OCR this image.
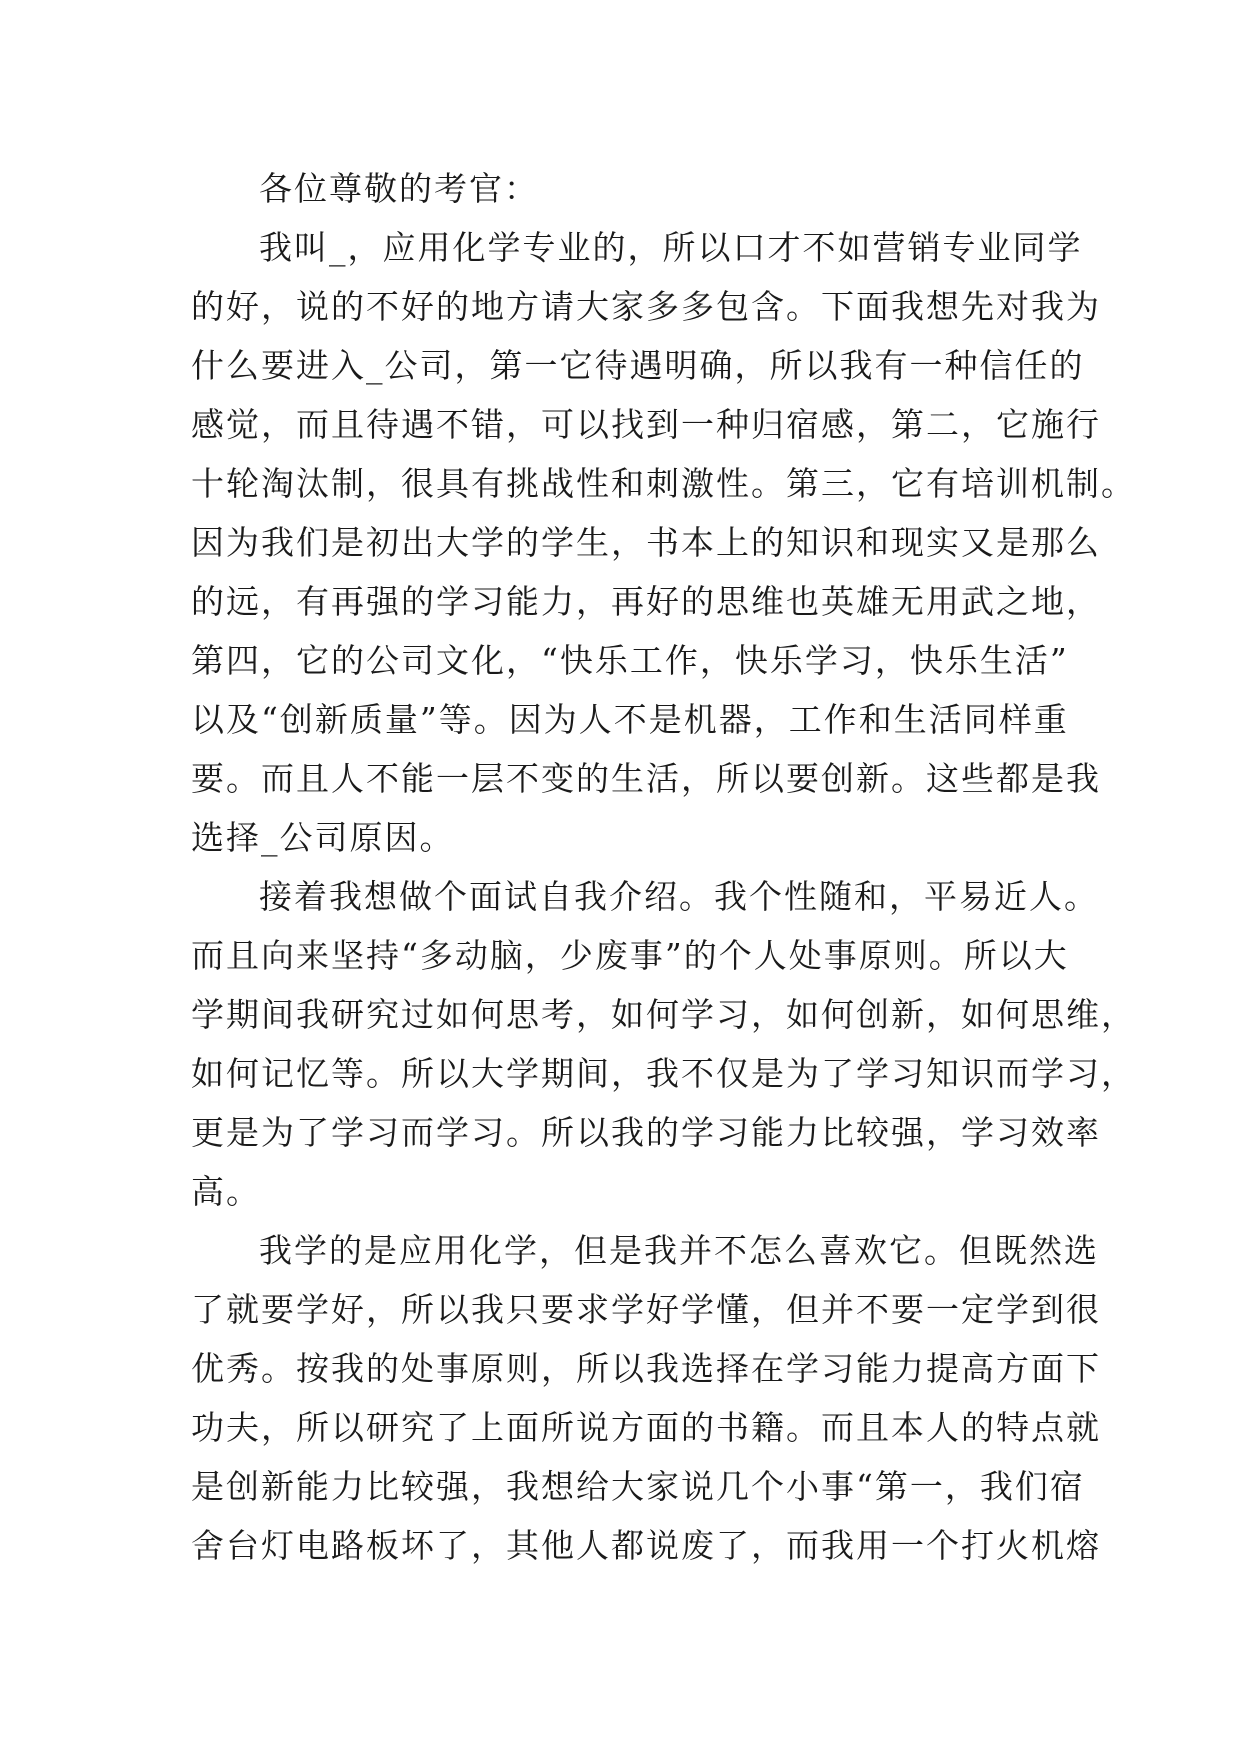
各位尊敬的考官：
我叫_，应用化学专业的，所以口才不如营销专业同学
的好，说的不好的地方请大家多多包含。下面我想先对我为
什么要进入_公司，第一它待遇明确，所以我有一种信任的
感觉，而且待遇不错，可以找到一种归宿感，第二，它施行
十轮淘汰制，很具有挑战性和刺激性。第三，它有培训机制。
因为我们是初出大学的学生，书本上的知识和现实又是那么
的远，有再强的学习能力，再好的思维也英雄无用武之地，
第四，它的公司文化，“快乐工作，快乐学习，快乐生活”
以及“创新质量”等。因为人不是机器，工作和生活同样重
要。而且人不能一层不变的生活，所以要创新。这些都是我
选择_公司原因。
接着我想做个面试自我介绍。我个性随和，平易近人。
而且向来坚持“多动脑，少废事”的个人处事原则。所以大
学期间我研究过如何思考，如何学习，如何创新，如何思维，
如何记忆等。所以大学期间，我不仅是为了学习知识而学习，
更是为了学习而学习。所以我的学习能力比较强，学习效率
高。
我学的是应用化学，但是我并不怎么喜欢它。但既然选
了就要学好，所以我只要求学好学懂，但并不要一定学到很
优秀。按我的处事原则，所以我选择在学习能力提高方面下
功夫，所以研究了上面所说方面的书籍。而且本人的特点就
是创新能力比较强，我想给大家说几个小事“第一，我们宿
舍台灯电路板坏了，其他人都说废了，而我用一个打火机熔
